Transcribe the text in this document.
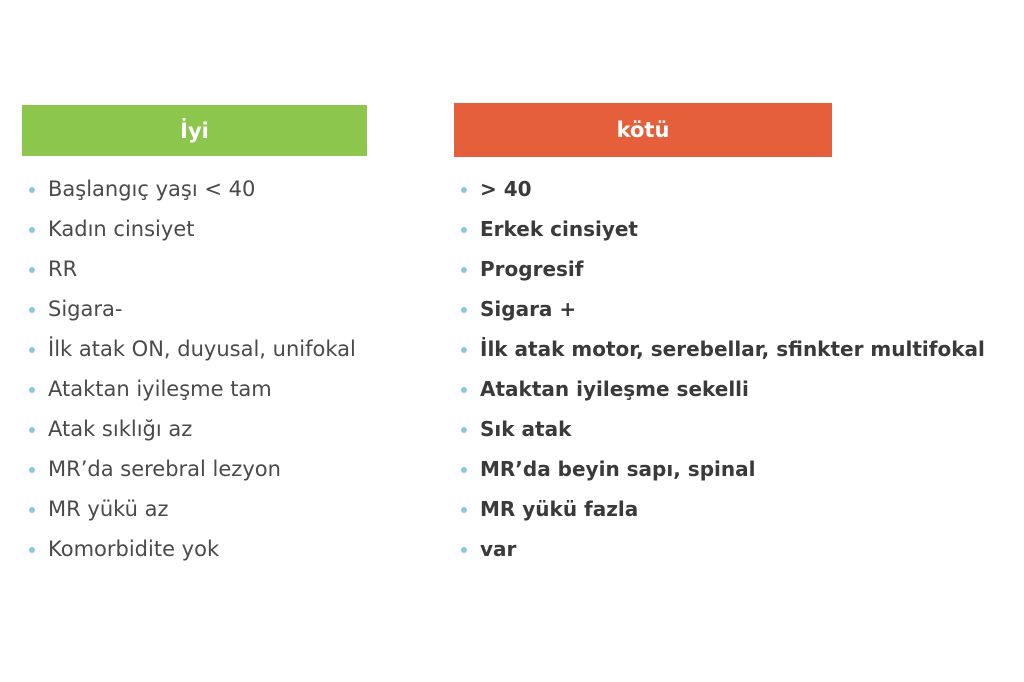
İyi
Başlangıç yaşı < 40
Kadın cinsiyet
RR
Sigara-
İlk atak ON, duyusal, unifokal
Ataktan iyileşme tam
Atak sıklığı az
MR’da serebral lezyon
MR yükü az
Komorbidite yok
kötü
> 40
Erkek cinsiyet
Progresif
Sigara +
İlk atak motor, serebellar, sfinkter multifokal
Ataktan iyileşme sekelli
Sık atak
MR’da beyin sapı, spinal
MR yükü fazla
var
